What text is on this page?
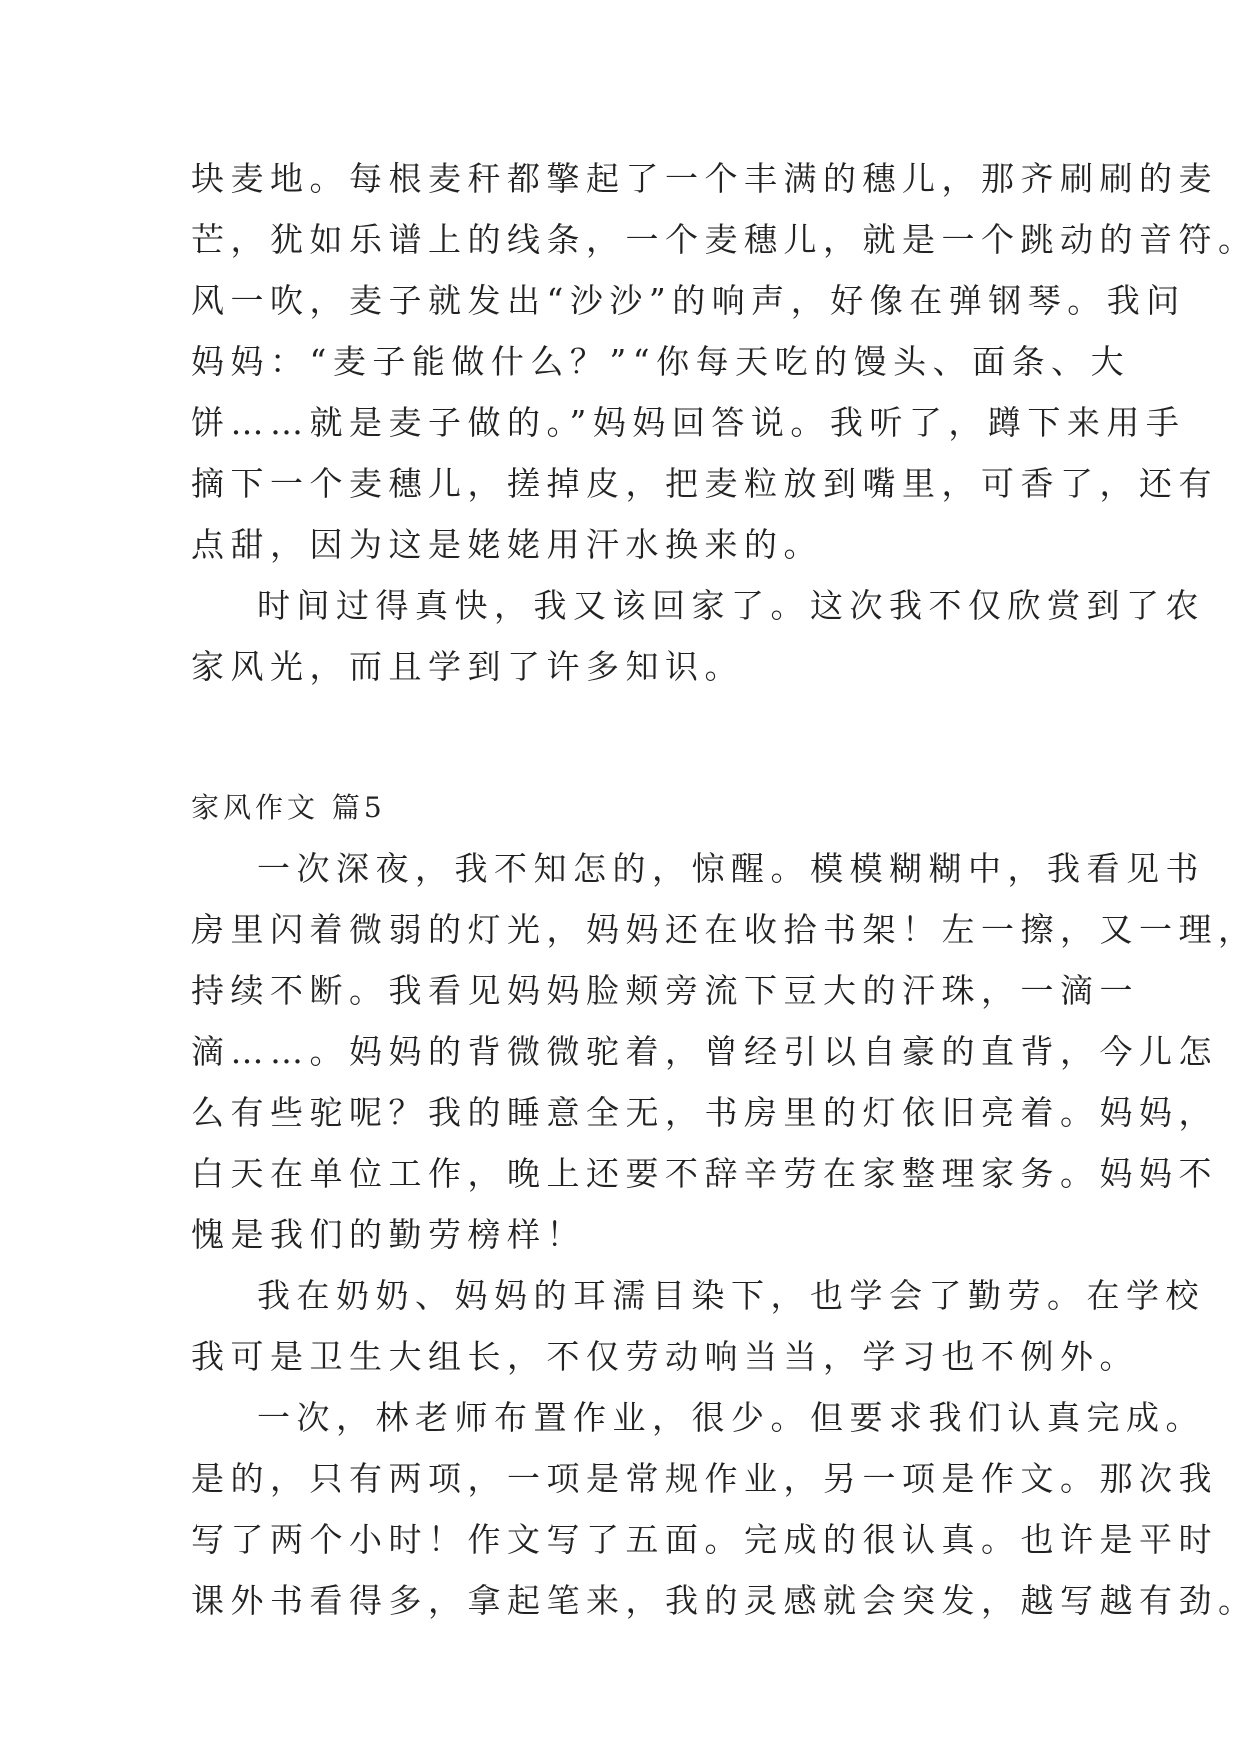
块麦地。每根麦秆都擎起了一个丰满的穗儿，那齐刷刷的麦
芒，犹如乐谱上的线条，一个麦穗儿，就是一个跳动的音符。
风一吹，麦子就发出“沙沙”的响声，好像在弹钢琴。我问
妈妈：“麦子能做什么？”“你每天吃的馒头、面条、大
饼……就是麦子做的。”妈妈回答说。我听了，蹲下来用手
摘下一个麦穗儿，搓掉皮，把麦粒放到嘴里，可香了，还有
点甜，因为这是姥姥用汗水换来的。
时间过得真快，我又该回家了。这次我不仅欣赏到了农
家风光，而且学到了许多知识。
家风作文 篇5
一次深夜，我不知怎的，惊醒。模模糊糊中，我看见书
房里闪着微弱的灯光，妈妈还在收拾书架！左一擦，又一理，
持续不断。我看见妈妈脸颊旁流下豆大的汗珠，一滴一
滴……。妈妈的背微微驼着，曾经引以自豪的直背，今儿怎
么有些驼呢？我的睡意全无，书房里的灯依旧亮着。妈妈，
白天在单位工作，晚上还要不辞辛劳在家整理家务。妈妈不
愧是我们的勤劳榜样！
我在奶奶、妈妈的耳濡目染下，也学会了勤劳。在学校
我可是卫生大组长，不仅劳动响当当，学习也不例外。
一次，林老师布置作业，很少。但要求我们认真完成。
是的，只有两项，一项是常规作业，另一项是作文。那次我
写了两个小时！作文写了五面。完成的很认真。也许是平时
课外书看得多，拿起笔来，我的灵感就会突发，越写越有劲。
